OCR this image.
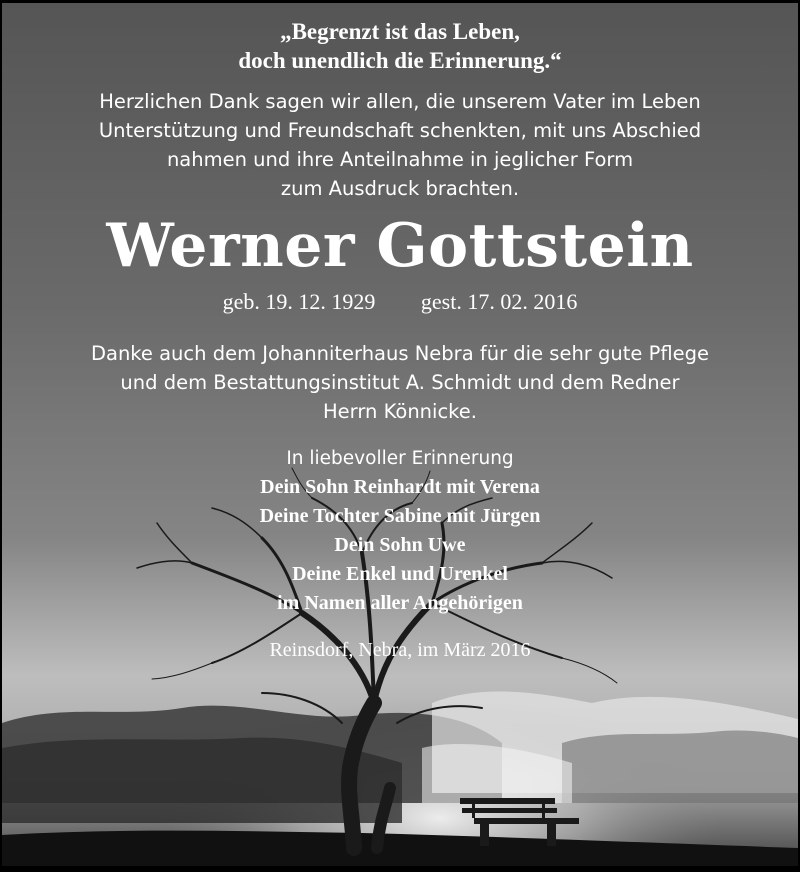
„Begrenzt ist das Leben,
doch unendlich die Erinnerung.“
Herzlichen Dank sagen wir allen, die unserem Vater im Leben
Unterstützung und Freundschaft schenkten, mit uns Abschied
nahmen und ihre Anteilnahme in jeglicher Form
zum Ausdruck brachten.
Werner Gottstein
geb. 19. 12. 1929 gest. 17. 02. 2016
Danke auch dem Johanniterhaus Nebra für die sehr gute Pflege
und dem Bestattungsinstitut A. Schmidt und dem Redner
Herrn Könnicke.
In liebevoller Erinnerung
Dein Sohn Reinhardt mit Verena
Deine Tochter Sabine mit Jürgen
Dein Sohn Uwe
Deine Enkel und Urenkel
im Namen aller Angehörigen
Reinsdorf, Nebra, im März 2016
